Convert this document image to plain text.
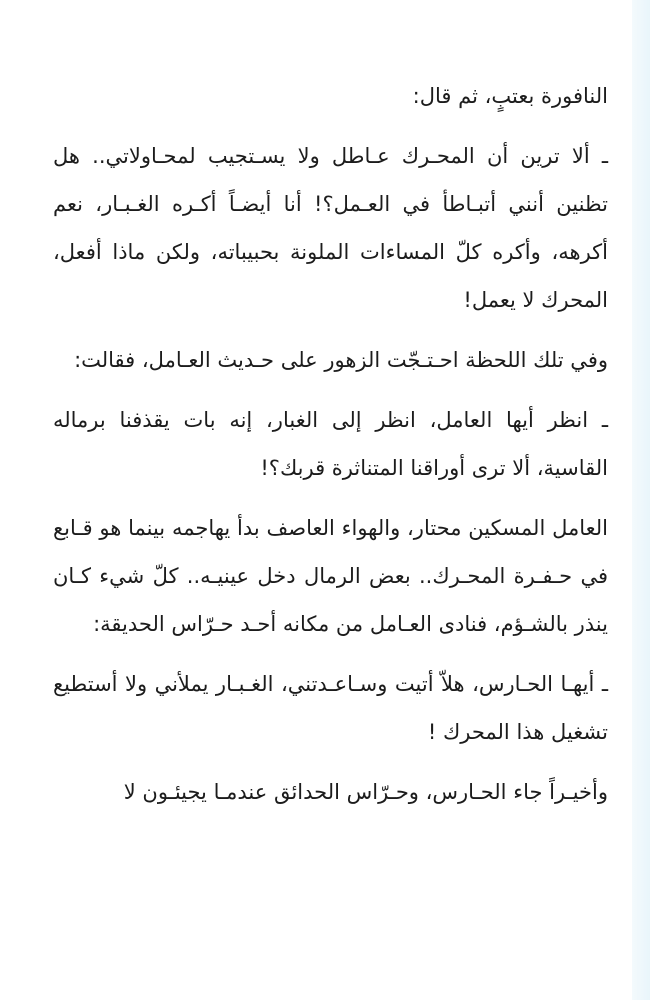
النافورة بعتبٍ، ثم قال:

ـ ألا ترين أن المحـرك عـاطل ولا يسـتجيب لمحـاولاتي.. هل تظنين أنني أتبـاطأ في العـمل؟! أنا أيضـاً أكـره الغـبـار، نعم أكرهه، وأكره كلّ المساءات الملونة بحبيباته، ولكن ماذا أفعل، المحرك لا يعمل!

وفي تلك اللحظة احـتـجّت الزهور على حـديث العـامل، فقالت:

ـ انظر أيها العامل، انظر إلى الغبار، إنه بات يقذفنا برماله القاسية، ألا ترى أوراقنا المتناثرة قربك؟!

العامل المسكين محتار، والهواء العاصف بدأ يهاجمه بينما هو قـابع في حـفـرة المحـرك.. بعض الرمال دخل عينيـه.. كلّ شيء كـان ينذر بالشـؤم، فنادى العـامل من مكانه أحـد حـرّاس الحديقة:

ـ أيهـا الحـارس، هلاّ أتيت وسـاعـدتني، الغـبـار يملأني ولا أستطيع تشغيل هذا المحرك !

وأخيـراً جاء الحـارس، وحـرّاس الحدائق عندمـا يجيئـون لا
